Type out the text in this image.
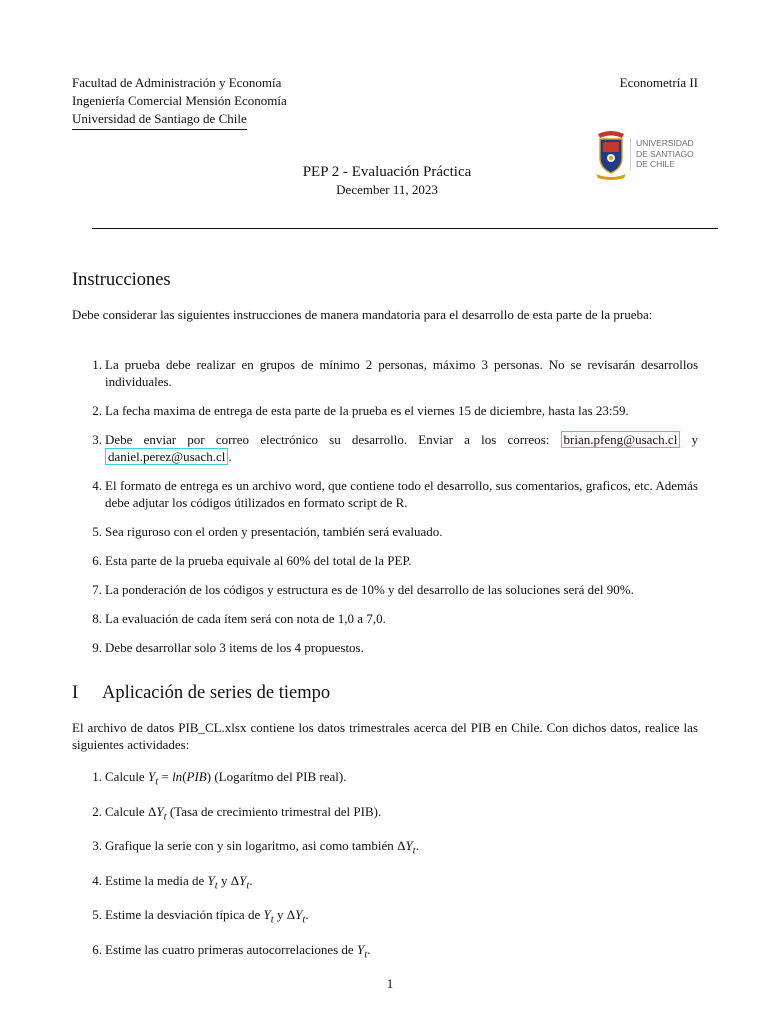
Facultad de Administración y Economía
Ingeniería Comercial Mensión Economía
Universidad de Santiago de Chile
Econometría II
UNIVERSIDAD
DE SANTIAGO
DE CHILE
PEP 2 - Evaluación Práctica
December 11, 2023
Instrucciones
Debe considerar las siguientes instrucciones de manera mandatoria para el desarrollo de esta parte de la prueba:
1. La prueba debe realizar en grupos de mínimo 2 personas, máximo 3 personas. No se revisarán desarrollos individuales.
2. La fecha maxima de entrega de esta parte de la prueba es el viernes 15 de diciembre, hasta las 23:59.
3. Debe enviar por correo electrónico su desarrollo. Enviar a los correos: brian.pfeng@usach.cl y daniel.perez@usach.cl .
4. El formato de entrega es un archivo word, que contiene todo el desarrollo, sus comentarios, graficos, etc. Además debe adjutar los códigos útilizados en formato script de R.
5. Sea riguroso con el orden y presentación, también será evaluado.
6. Esta parte de la prueba equivale al 60% del total de la PEP.
7. La ponderación de los códigos y estructura es de 10% y del desarrollo de las soluciones será del 90%.
8. La evaluación de cada ítem será con nota de 1,0 a 7,0.
9. Debe desarrollar solo 3 items de los 4 propuestos.
I Aplicación de series de tiempo
El archivo de datos PIB_CL.xlsx contiene los datos trimestrales acerca del PIB en Chile. Con dichos datos, realice las siguientes actividades:
1. Calcule $Y_t = \ln(PIB)$ (Logarítmo del PIB real).
2. Calcule $\Delta Y_t$ (Tasa de crecimiento trimestral del PIB).
3. Grafique la serie con y sin logaritmo, asi como también $\Delta Y_t$.
4. Estime la media de $Y_t$ y $\Delta Y_t$.
5. Estime la desviación típica de $Y_t$ y $\Delta Y_t$.
6. Estime las cuatro primeras autocorrelaciones de $Y_t$.
1
